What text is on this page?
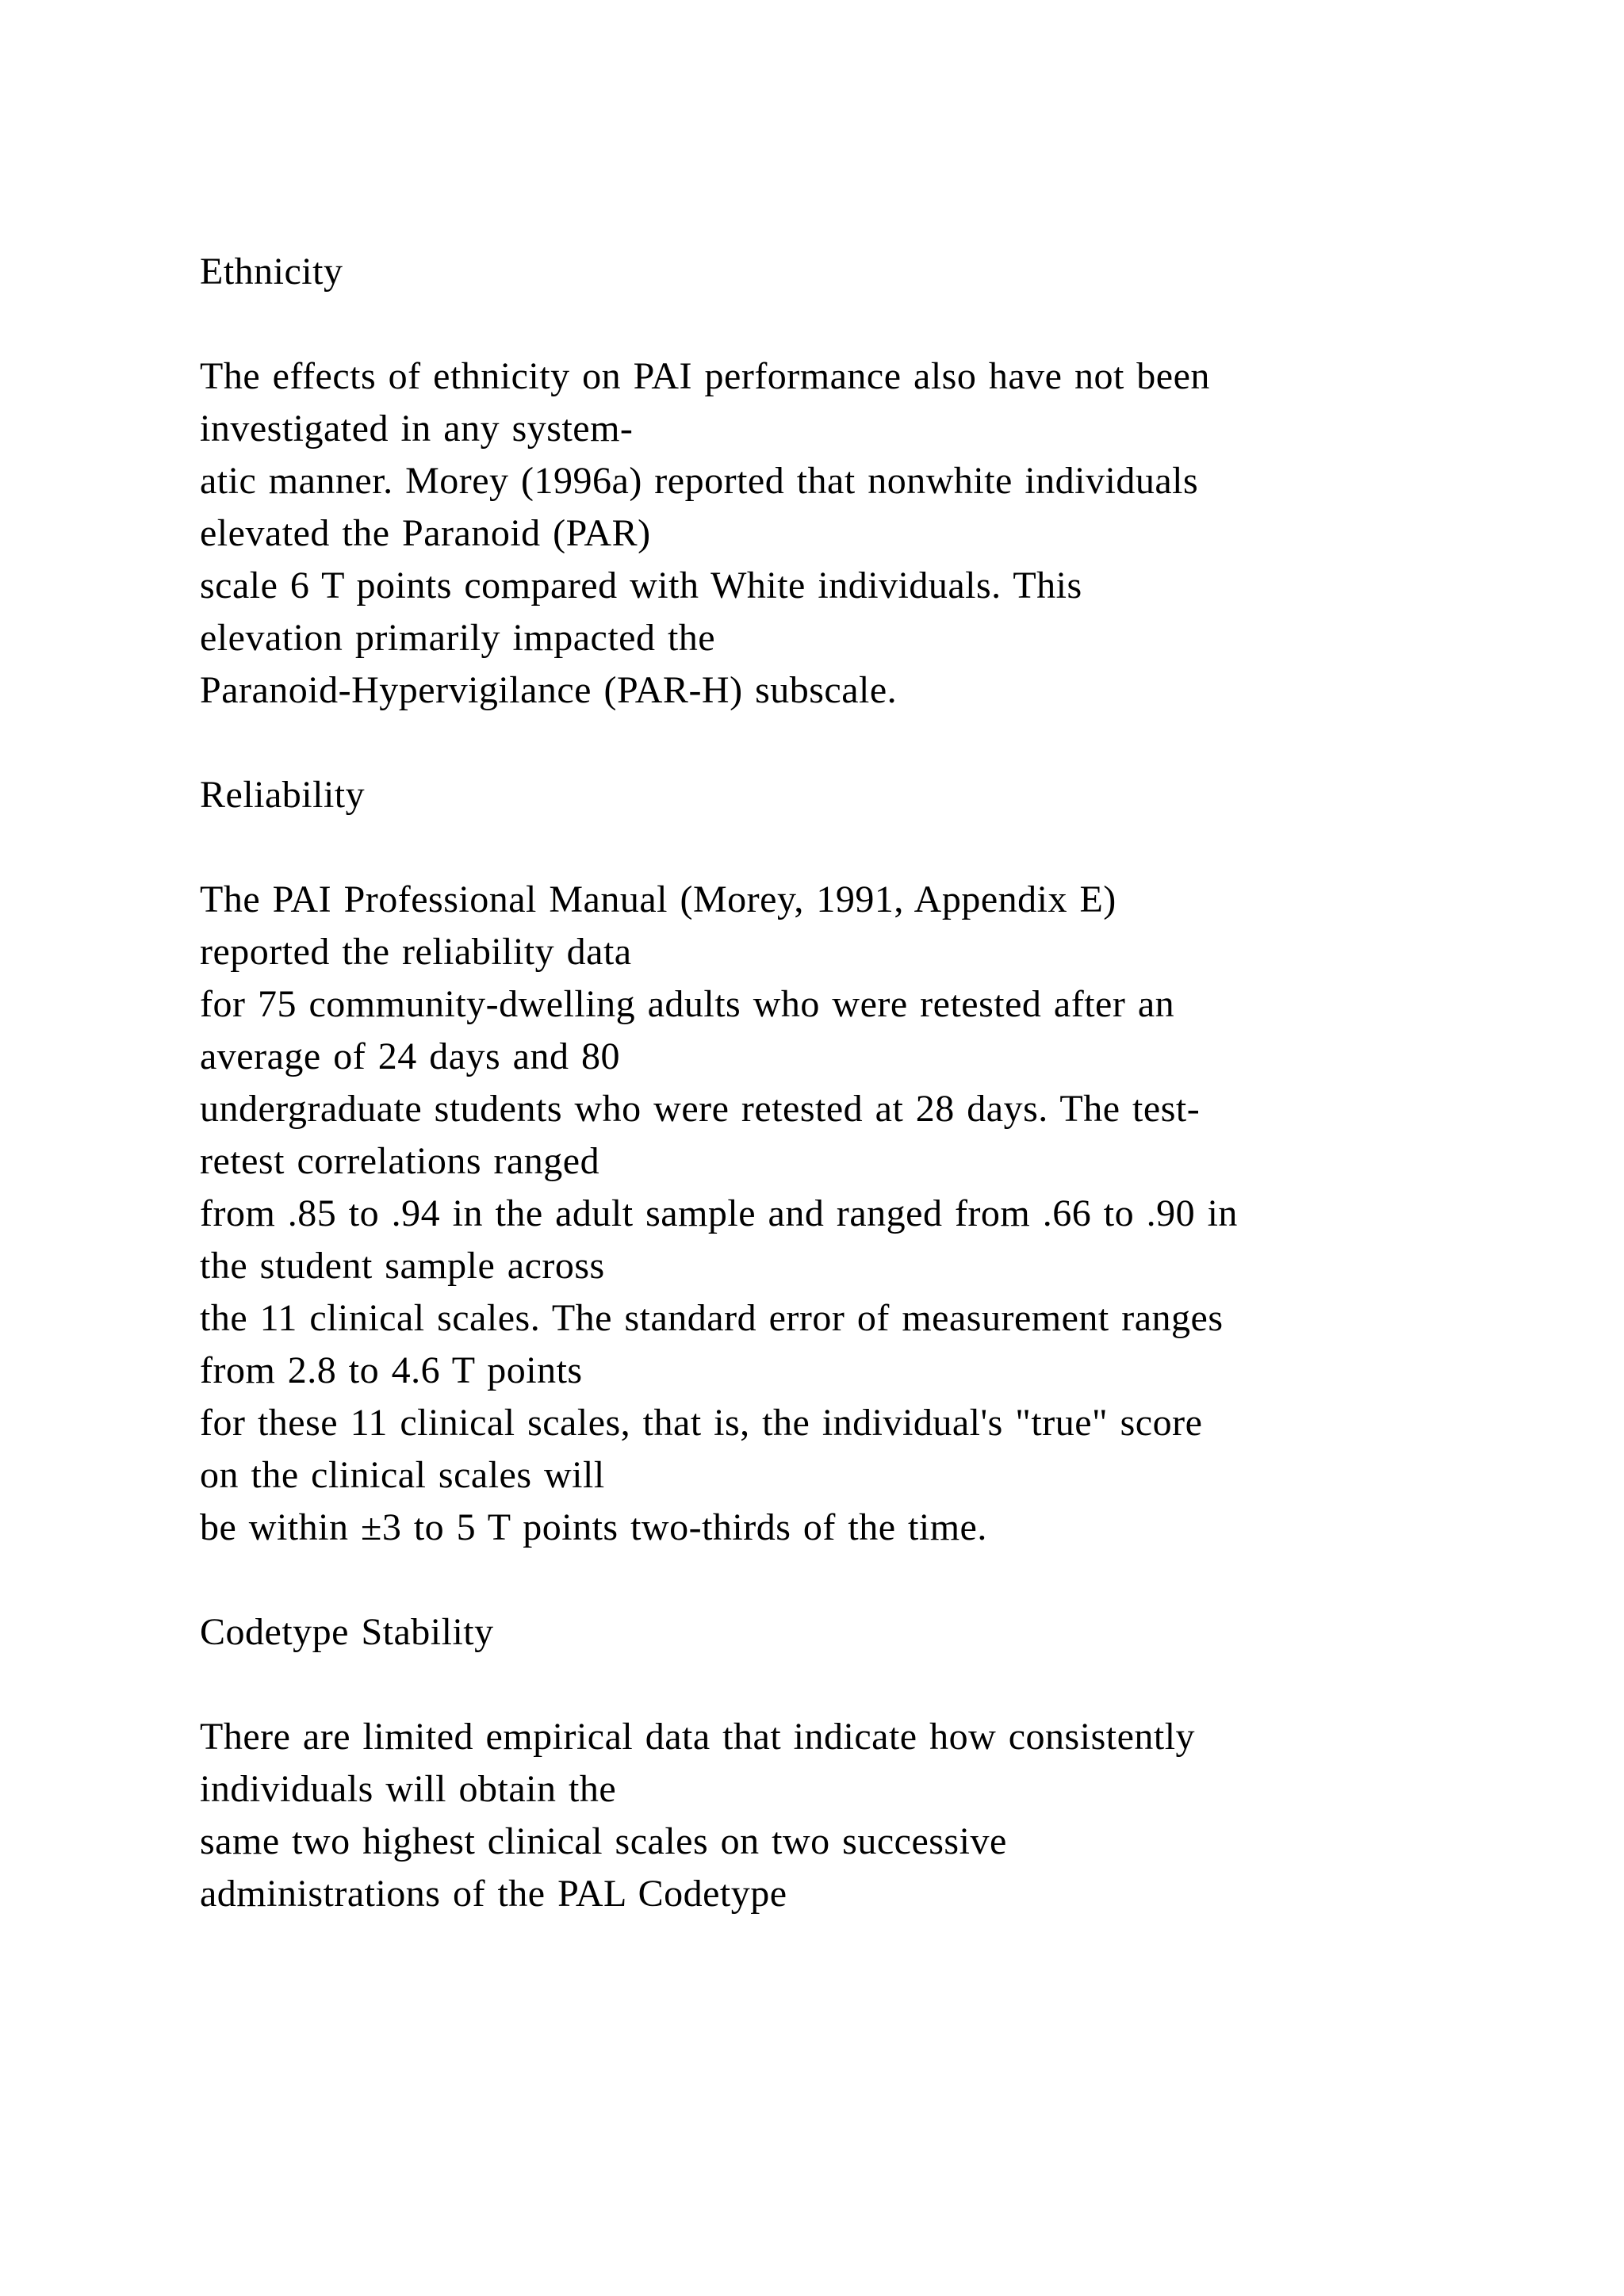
Ethnicity
The effects of ethnicity on PAI performance also have not been
investigated in any system-
atic manner. Morey (1996a) reported that nonwhite individuals
elevated the Paranoid (PAR)
scale 6 T points compared with White individuals. This
elevation primarily impacted the
Paranoid-Hypervigilance (PAR-H) subscale.
Reliability
The PAI Professional Manual (Morey, 1991, Appendix E)
reported the reliability data
for 75 community-dwelling adults who were retested after an
average of 24 days and 80
undergraduate students who were retested at 28 days. The test-
retest correlations ranged
from .85 to .94 in the adult sample and ranged from .66 to .90 in
the student sample across
the 11 clinical scales. The standard error of measurement ranges
from 2.8 to 4.6 T points
for these 11 clinical scales, that is, the individual's "true" score
on the clinical scales will
be within ±3 to 5 T points two-thirds of the time.
Codetype Stability
There are limited empirical data that indicate how consistently
individuals will obtain the
same two highest clinical scales on two successive
administrations of the PAL Codetype
